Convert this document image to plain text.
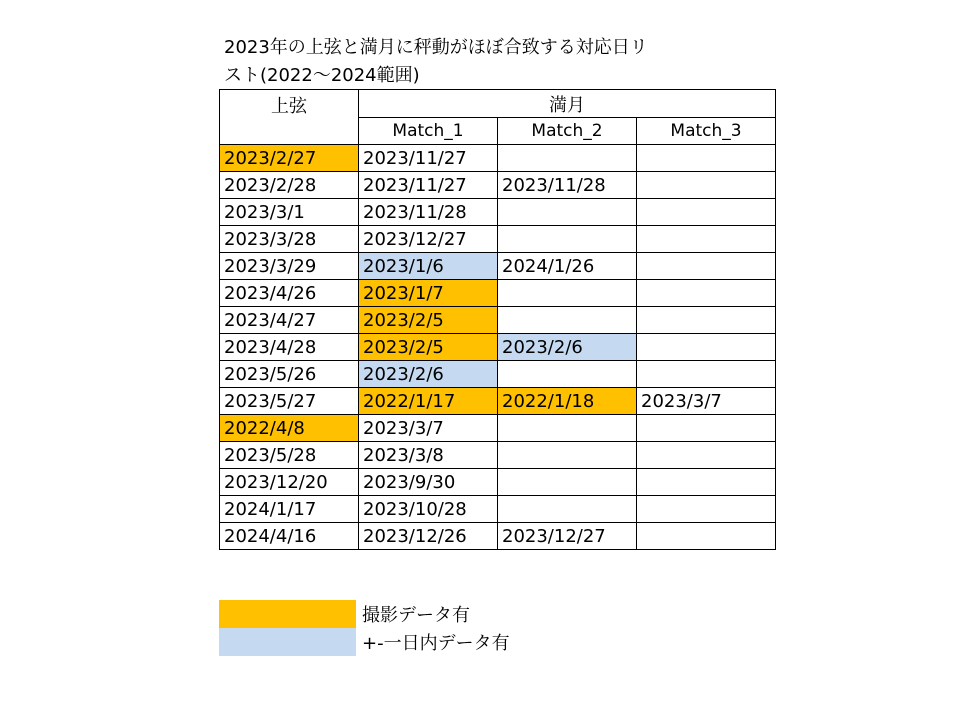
2023年の上弦と満月に秤動がほぼ合致する対応日リ
スト(2022～2024範囲)
上弦	満月		
	Match_1	Match_2	Match_3
2023/2/27	2023/11/27		
2023/2/28	2023/11/27	2023/11/28	
2023/3/1	2023/11/28		
2023/3/28	2023/12/27		
2023/3/29	2023/1/6	2024/1/26	
2023/4/26	2023/1/7		
2023/4/27	2023/2/5		
2023/4/28	2023/2/5	2023/2/6	
2023/5/26	2023/2/6		
2023/5/27	2022/1/17	2022/1/18	2023/3/7
2022/4/8	2023/3/7		
2023/5/28	2023/3/8		
2023/12/20	2023/9/30		
2024/1/17	2023/10/28		
2024/4/16	2023/12/26	2023/12/27	
撮影データ有
+-一日内データ有
